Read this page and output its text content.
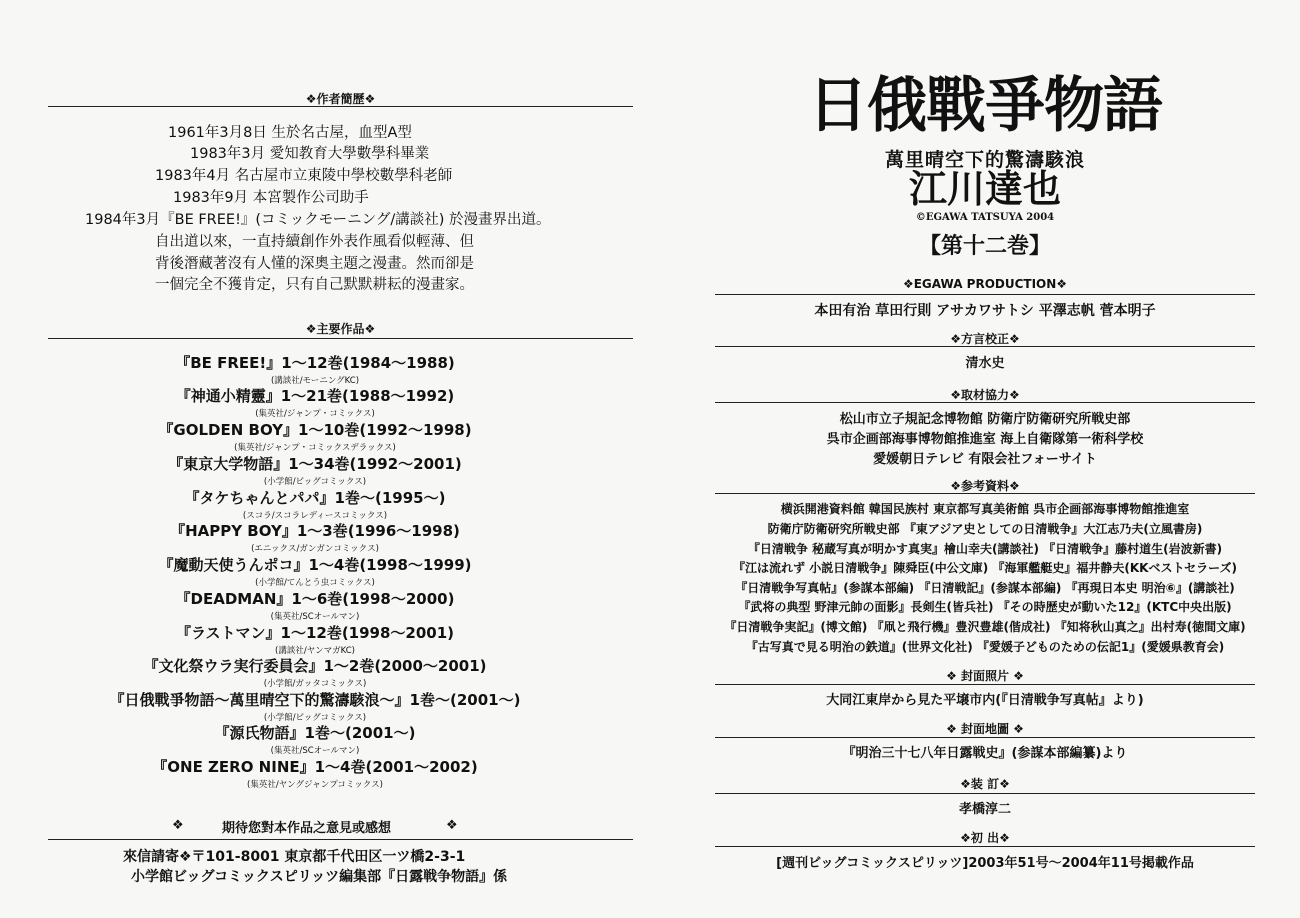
❖作者簡歷❖
1961年3月8日 生於名古屋，血型A型
1983年3月 愛知教育大學數學科畢業
1983年4月 名古屋市立東陵中學校數學科老師
1983年9月 本宮製作公司助手
1984年3月『BE FREE!』(コミックモーニング/講談社) 於漫畫界出道。
自出道以來，一直持續創作外表作風看似輕薄、但
背後潛藏著沒有人懂的深奧主題之漫畫。然而卻是
一個完全不獲肯定，只有自己默默耕耘的漫畫家。
❖主要作品❖
『BE FREE!』1～12巻(1984～1988)
(講談社/モーニングKC)
『神通小精靈』1～21巻(1988～1992)
(集英社/ジャンプ・コミックス)
『GOLDEN BOY』1～10巻(1992～1998)
(集英社/ジャンプ・コミックスデラックス)
『東京大学物語』1～34巻(1992～2001)
(小学館/ビッグコミックス)
『タケちゃんとパパ』1巻～(1995～)
(スコラ/スコラレディースコミックス)
『HAPPY BOY』1～3巻(1996～1998)
(エニックス/ガンガンコミックス)
『魔動天使うんポコ』1～4巻(1998～1999)
(小学館/てんとう虫コミックス)
『DEADMAN』1～6巻(1998～2000)
(集英社/SCオールマン)
『ラストマン』1～12巻(1998～2001)
(講談社/ヤンマガKC)
『文化祭ウラ実行委員会』1～2巻(2000～2001)
(小学館/ガッタコミックス)
『日俄戰爭物語～萬里晴空下的驚濤駭浪～』1巻～(2001～)
(小学館/ビッグコミックス)
『源氏物語』1巻～(2001～)
(集英社/SCオールマン)
『ONE ZERO NINE』1～4巻(2001～2002)
(集英社/ヤングジャンプコミックス)
❖	期待您對本作品之意見或感想	❖
來信請寄❖〒101-8001 東京都千代田区一ツ橋2-3-1
小学館ビッグコミックスピリッツ編集部『日露戦争物語』係
日俄戰爭物語
萬里晴空下的驚濤駭浪
江川達也
©EGAWA TATSUYA 2004
【第十二巻】
❖EGAWA PRODUCTION❖
本田有治 草田行則 アサカワサトシ 平澤志帆 菅本明子
❖方言校正❖
清水史
❖取材協力❖
松山市立子規記念博物館 防衛庁防衛研究所戦史部
呉市企画部海事博物館推進室 海上自衛隊第一術科学校
愛媛朝日テレビ 有限会社フォーサイト
❖参考資料❖
横浜開港資料館 韓国民族村 東京都写真美術館 呉市企画部海事博物館推進室
防衛庁防衛研究所戦史部 『東アジア史としての日清戦争』大江志乃夫(立風書房)
『日清戦争 秘蔵写真が明かす真実』檜山幸夫(講談社) 『日清戦争』藤村道生(岩波新書)
『江は流れず 小説日清戦争』陳舜臣(中公文庫) 『海軍艦艇史』福井静夫(KKベストセラーズ)
『日清戦争写真帖』(参謀本部編) 『日清戦記』(参謀本部編) 『再現日本史 明治⑥』(講談社)
『武将の典型 野津元帥の面影』長剣生(皆兵社) 『その時歴史が動いた12』(KTC中央出版)
『日清戦争実記』(博文館) 『凧と飛行機』豊沢豊雄(偕成社) 『知将秋山真之』出村寿(徳間文庫)
『古写真で見る明治の鉄道』(世界文化社) 『愛媛子どものための伝記1』(愛媛県教育会)
❖ 封面照片 ❖
大同江東岸から見た平壌市内(『日清戦争写真帖』より)
❖ 封面地圖 ❖
『明治三十七八年日露戦史』(参謀本部編纂)より
❖装 訂❖
孝橋淳二
❖初 出❖
[週刊ビッグコミックスピリッツ]2003年51号～2004年11号掲載作品
